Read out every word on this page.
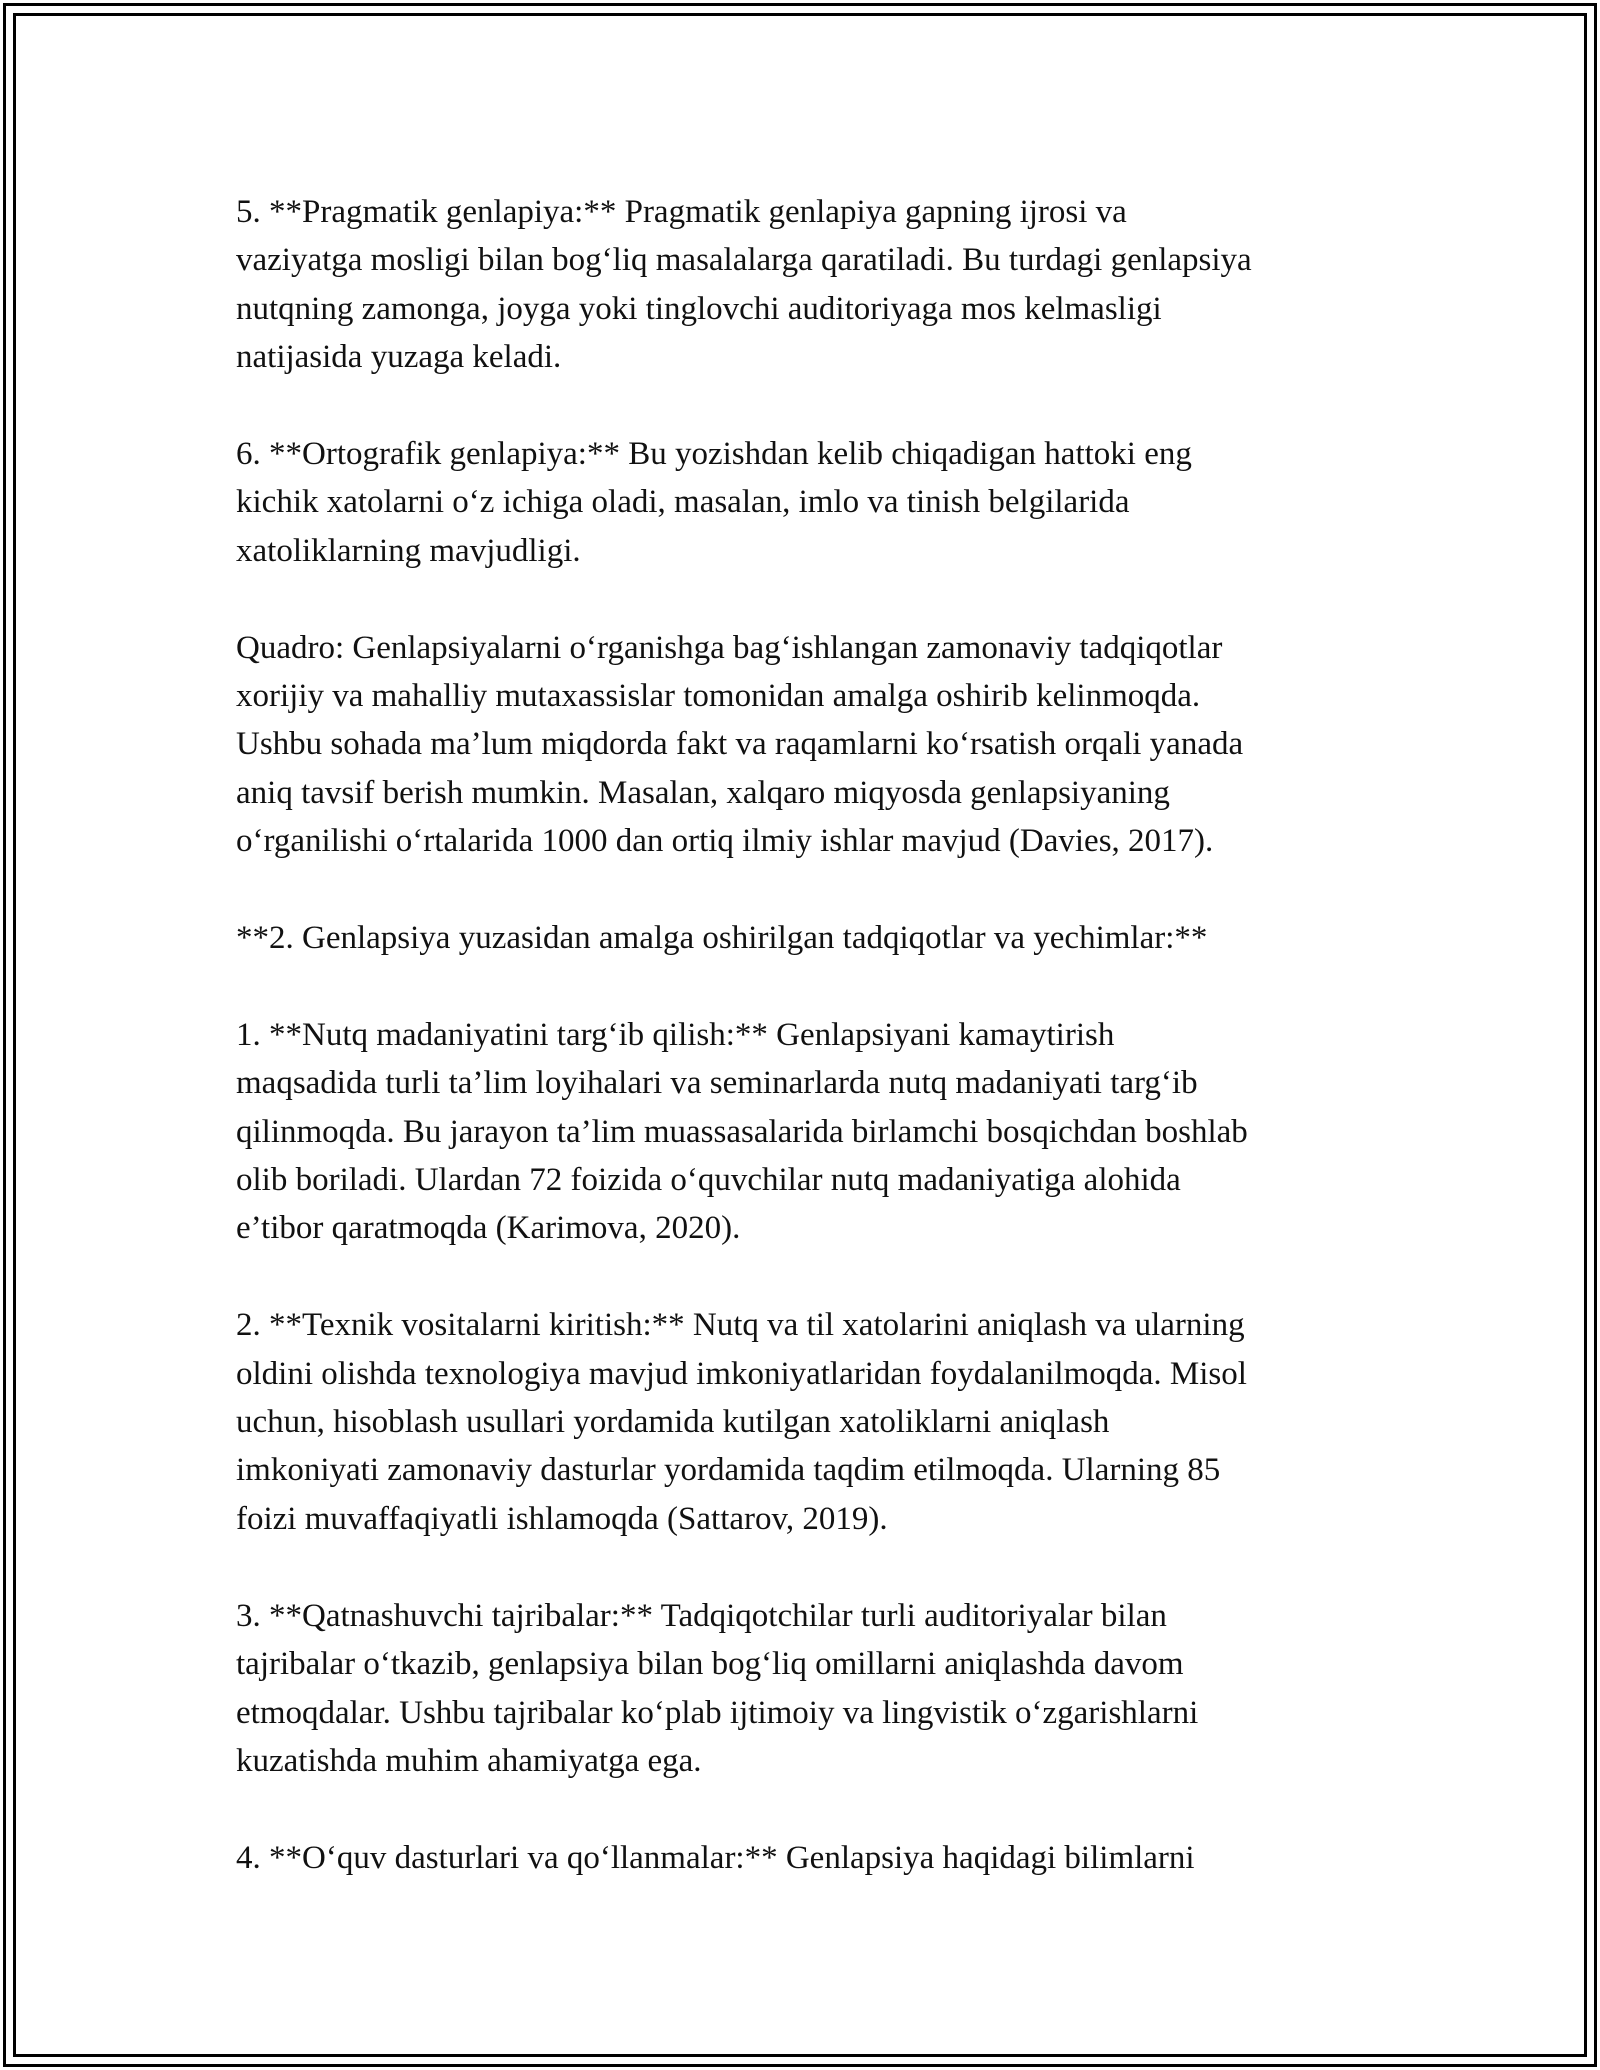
5. **Pragmatik genlapiya:** Pragmatik genlapiya gapning ijrosi va
vaziyatga mosligi bilan bog‘liq masalalarga qaratiladi. Bu turdagi genlapsiya
nutqning zamonga, joyga yoki tinglovchi auditoriyaga mos kelmasligi
natijasida yuzaga keladi.

6. **Ortografik genlapiya:** Bu yozishdan kelib chiqadigan hattoki eng
kichik xatolarni o‘z ichiga oladi, masalan, imlo va tinish belgilarida
xatoliklarning mavjudligi.

Quadro: Genlapsiyalarni o‘rganishga bag‘ishlangan zamonaviy tadqiqotlar
xorijiy va mahalliy mutaxassislar tomonidan amalga oshirib kelinmoqda.
Ushbu sohada ma’lum miqdorda fakt va raqamlarni ko‘rsatish orqali yanada
aniq tavsif berish mumkin. Masalan, xalqaro miqyosda genlapsiyaning
o‘rganilishi o‘rtalarida 1000 dan ortiq ilmiy ishlar mavjud (Davies, 2017).

**2. Genlapsiya yuzasidan amalga oshirilgan tadqiqotlar va yechimlar:**

1. **Nutq madaniyatini targ‘ib qilish:** Genlapsiyani kamaytirish
maqsadida turli ta’lim loyihalari va seminarlarda nutq madaniyati targ‘ib
qilinmoqda. Bu jarayon ta’lim muassasalarida birlamchi bosqichdan boshlab
olib boriladi. Ulardan 72 foizida o‘quvchilar nutq madaniyatiga alohida
e’tibor qaratmoqda (Karimova, 2020).

2. **Texnik vositalarni kiritish:** Nutq va til xatolarini aniqlash va ularning
oldini olishda texnologiya mavjud imkoniyatlaridan foydalanilmoqda. Misol
uchun, hisoblash usullari yordamida kutilgan xatoliklarni aniqlash
imkoniyati zamonaviy dasturlar yordamida taqdim etilmoqda. Ularning 85
foizi muvaffaqiyatli ishlamoqda (Sattarov, 2019).

3. **Qatnashuvchi tajribalar:** Tadqiqotchilar turli auditoriyalar bilan
tajribalar o‘tkazib, genlapsiya bilan bog‘liq omillarni aniqlashda davom
etmoqdalar. Ushbu tajribalar ko‘plab ijtimoiy va lingvistik o‘zgarishlarni
kuzatishda muhim ahamiyatga ega.

4. **O‘quv dasturlari va qo‘llanmalar:** Genlapsiya haqidagi bilimlarni
